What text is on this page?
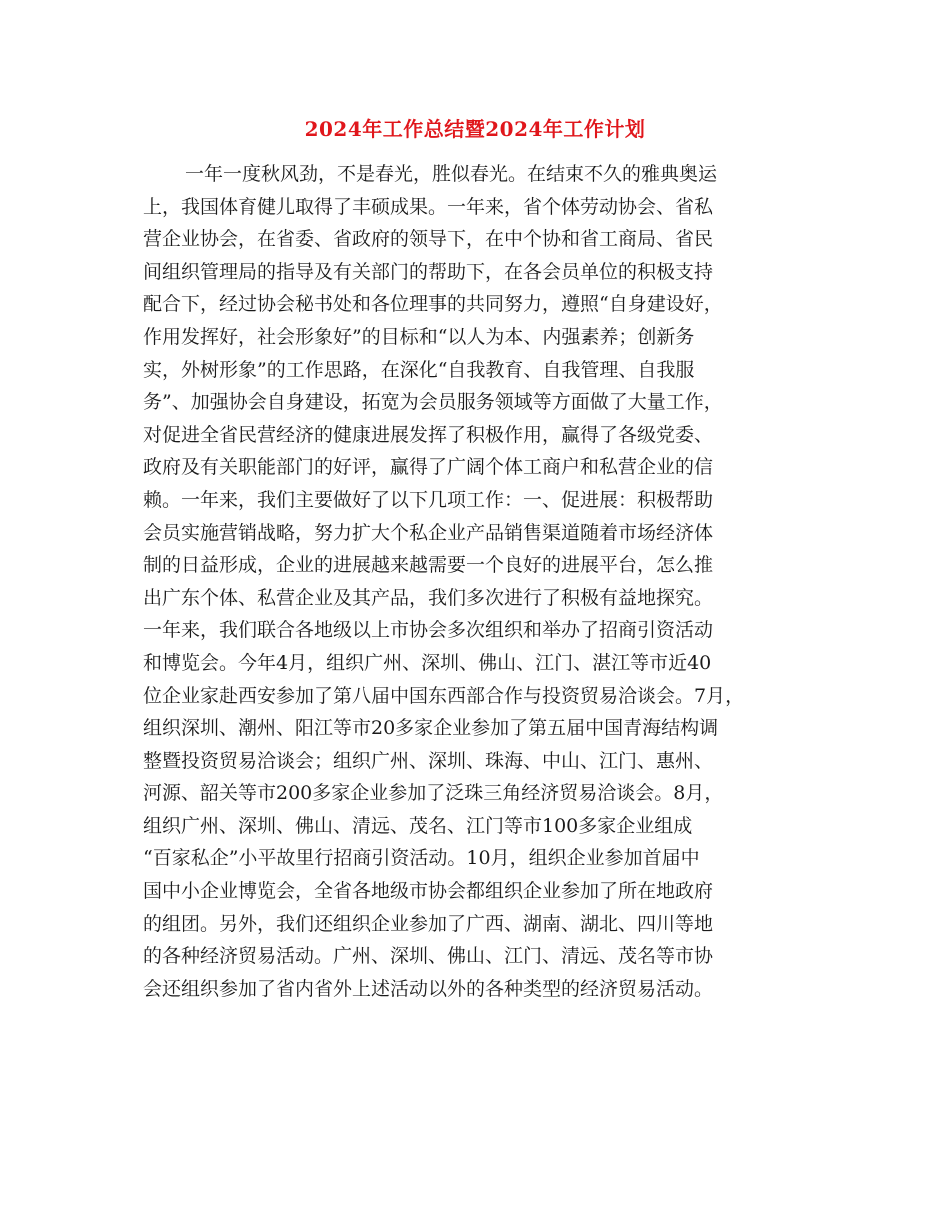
2024年工作总结暨2024年工作计划
一年一度秋风劲，不是春光，胜似春光。在结束不久的雅典奥运
上，我国体育健儿取得了丰硕成果。一年来，省个体劳动协会、省私
营企业协会，在省委、省政府的领导下，在中个协和省工商局、省民
间组织管理局的指导及有关部门的帮助下，在各会员单位的积极支持
配合下，经过协会秘书处和各位理事的共同努力，遵照“自身建设好，
作用发挥好，社会形象好”的目标和“以人为本、内强素养；创新务
实，外树形象”的工作思路，在深化“自我教育、自我管理、自我服
务”、加强协会自身建设，拓宽为会员服务领域等方面做了大量工作，
对促进全省民营经济的健康进展发挥了积极作用，赢得了各级党委、
政府及有关职能部门的好评，赢得了广阔个体工商户和私营企业的信
赖。一年来，我们主要做好了以下几项工作：一、促进展：积极帮助
会员实施营销战略，努力扩大个私企业产品销售渠道随着市场经济体
制的日益形成，企业的进展越来越需要一个良好的进展平台，怎么推
出广东个体、私营企业及其产品，我们多次进行了积极有益地探究。
一年来，我们联合各地级以上市协会多次组织和举办了招商引资活动
和博览会。今年4月，组织广州、深圳、佛山、江门、湛江等市近40
位企业家赴西安参加了第八届中国东西部合作与投资贸易洽谈会。7月，
组织深圳、潮州、阳江等市20多家企业参加了第五届中国青海结构调
整暨投资贸易洽谈会；组织广州、深圳、珠海、中山、江门、惠州、
河源、韶关等市200多家企业参加了泛珠三角经济贸易洽谈会。8月，
组织广州、深圳、佛山、清远、茂名、江门等市100多家企业组成
“百家私企”小平故里行招商引资活动。10月，组织企业参加首届中
国中小企业博览会，全省各地级市协会都组织企业参加了所在地政府
的组团。另外，我们还组织企业参加了广西、湖南、湖北、四川等地
的各种经济贸易活动。广州、深圳、佛山、江门、清远、茂名等市协
会还组织参加了省内省外上述活动以外的各种类型的经济贸易活动。
